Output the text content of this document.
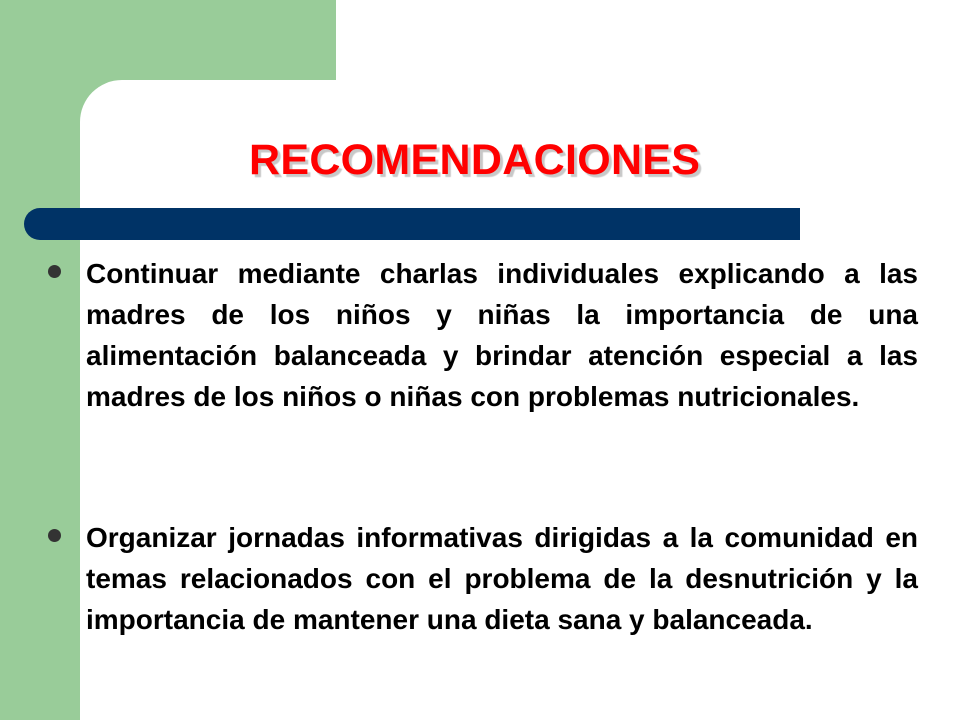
RECOMENDACIONES

Continuar mediante charlas individuales explicando a las madres de los niños y niñas la importancia de una alimentación balanceada y brindar atención especial a las madres de los niños o niñas con problemas nutricionales.

Organizar jornadas informativas dirigidas a la comunidad en temas relacionados con el problema de la desnutrición y la importancia de mantener una dieta sana y balanceada.
